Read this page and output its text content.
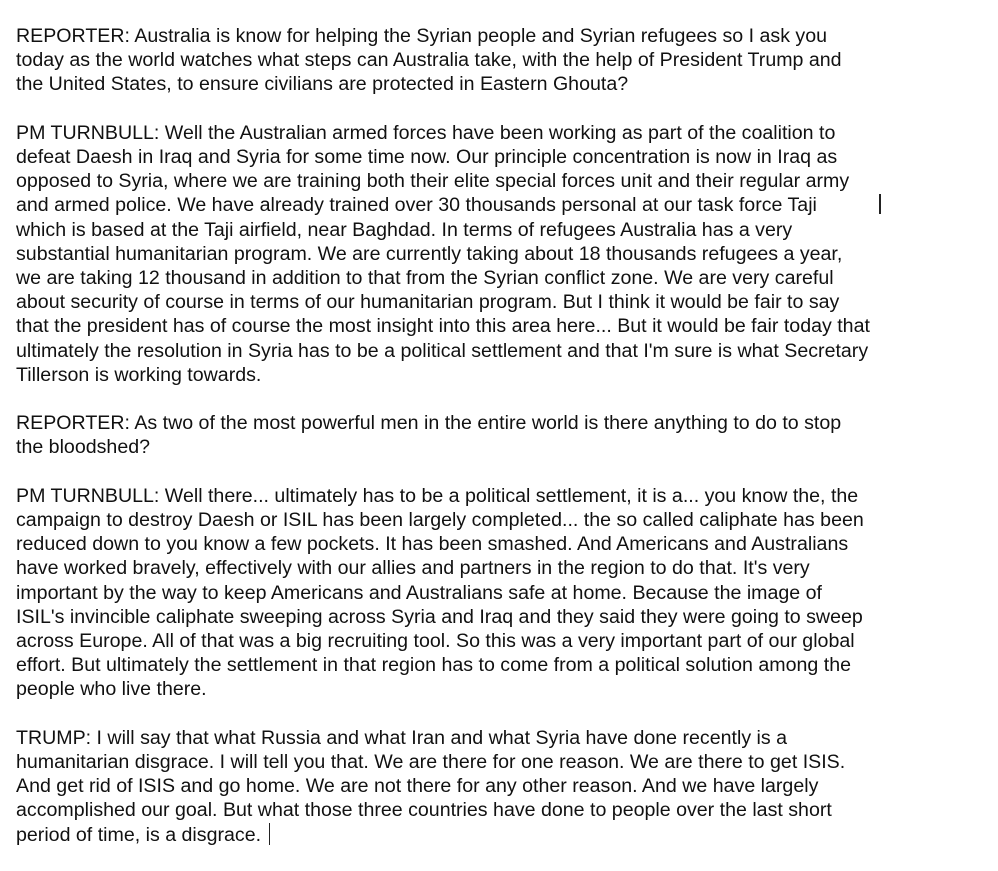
REPORTER: Australia is know for helping the Syrian people and Syrian refugees so I ask you
today as the world watches what steps can Australia take, with the help of President Trump and
the United States, to ensure civilians are protected in Eastern Ghouta?

PM TURNBULL: Well the Australian armed forces have been working as part of the coalition to
defeat Daesh in Iraq and Syria for some time now. Our principle concentration is now in Iraq as
opposed to Syria, where we are training both their elite special forces unit and their regular army
and armed police. We have already trained over 30 thousands personal at our task force Taji
which is based at the Taji airfield, near Baghdad. In terms of refugees Australia has a very
substantial humanitarian program. We are currently taking about 18 thousands refugees a year,
we are taking 12 thousand in addition to that from the Syrian conflict zone. We are very careful
about security of course in terms of our humanitarian program. But I think it would be fair to say
that the president has of course the most insight into this area here... But it would be fair today that
ultimately the resolution in Syria has to be a political settlement and that I'm sure is what Secretary
Tillerson is working towards.

REPORTER: As two of the most powerful men in the entire world is there anything to do to stop
the bloodshed?

PM TURNBULL: Well there... ultimately has to be a political settlement, it is a... you know the, the
campaign to destroy Daesh or ISIL has been largely completed... the so called caliphate has been
reduced down to you know a few pockets. It has been smashed. And Americans and Australians
have worked bravely, effectively with our allies and partners in the region to do that. It's very
important by the way to keep Americans and Australians safe at home. Because the image of
ISIL's invincible caliphate sweeping across Syria and Iraq and they said they were going to sweep
across Europe. All of that was a big recruiting tool. So this was a very important part of our global
effort. But ultimately the settlement in that region has to come from a political solution among the
people who live there.

TRUMP: I will say that what Russia and what Iran and what Syria have done recently is a
humanitarian disgrace. I will tell you that. We are there for one reason. We are there to get ISIS.
And get rid of ISIS and go home. We are not there for any other reason. And we have largely
accomplished our goal. But what those three countries have done to people over the last short
period of time, is a disgrace.
